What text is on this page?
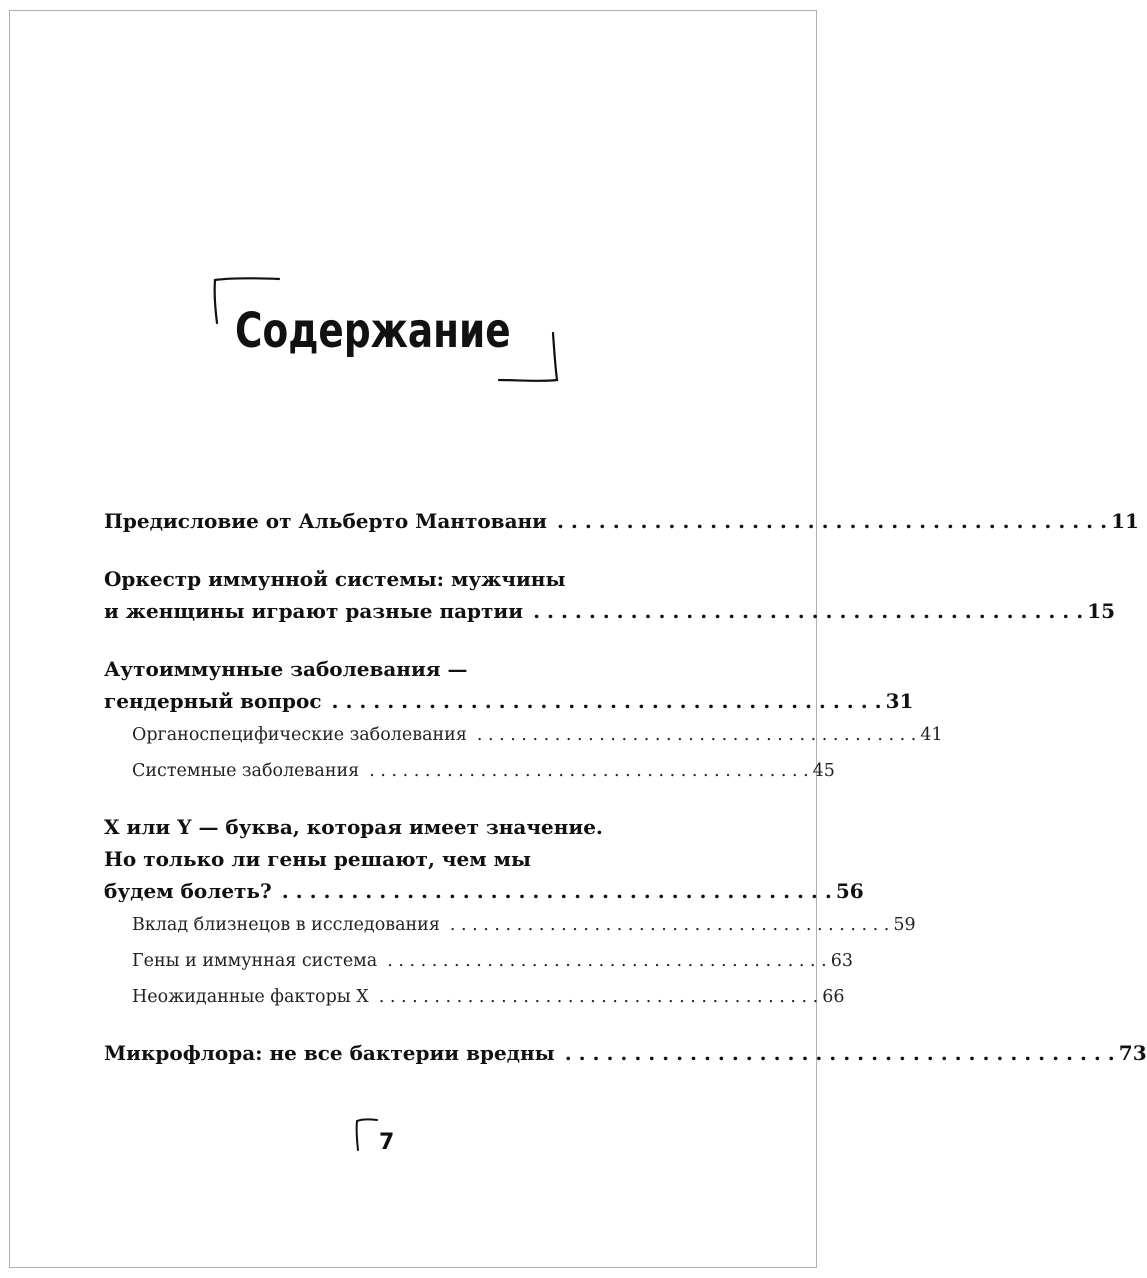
Содержание
Предисловие от Альберто Мантовани . . . . . . . . . . . . . . . . . . . . . . . . . . . . . . . . . . . . . . . . 11
Оркестр иммунной системы: мужчины
и женщины играют разные партии . . . . . . . . . . . . . . . . . . . . . . . . . . . . . . . . . . . . . . . . 15
Аутоиммунные заболевания —
гендерный вопрос . . . . . . . . . . . . . . . . . . . . . . . . . . . . . . . . . . . . . . . . 31
Органоспецифические заболевания . . . . . . . . . . . . . . . . . . . . . . . . . . . . . . . . . . . . . . . . 41
Системные заболевания . . . . . . . . . . . . . . . . . . . . . . . . . . . . . . . . . . . . . . . . 45
X или Y — буква, которая имеет значение.
Но только ли гены решают, чем мы
будем болеть? . . . . . . . . . . . . . . . . . . . . . . . . . . . . . . . . . . . . . . . . 56
Вклад близнецов в исследования . . . . . . . . . . . . . . . . . . . . . . . . . . . . . . . . . . . . . . . . 59
Гены и иммунная система . . . . . . . . . . . . . . . . . . . . . . . . . . . . . . . . . . . . . . . . 63
Неожиданные факторы X . . . . . . . . . . . . . . . . . . . . . . . . . . . . . . . . . . . . . . . . 66
Микрофлора: не все бактерии вредны . . . . . . . . . . . . . . . . . . . . . . . . . . . . . . . . . . . . . . . . 73
7
